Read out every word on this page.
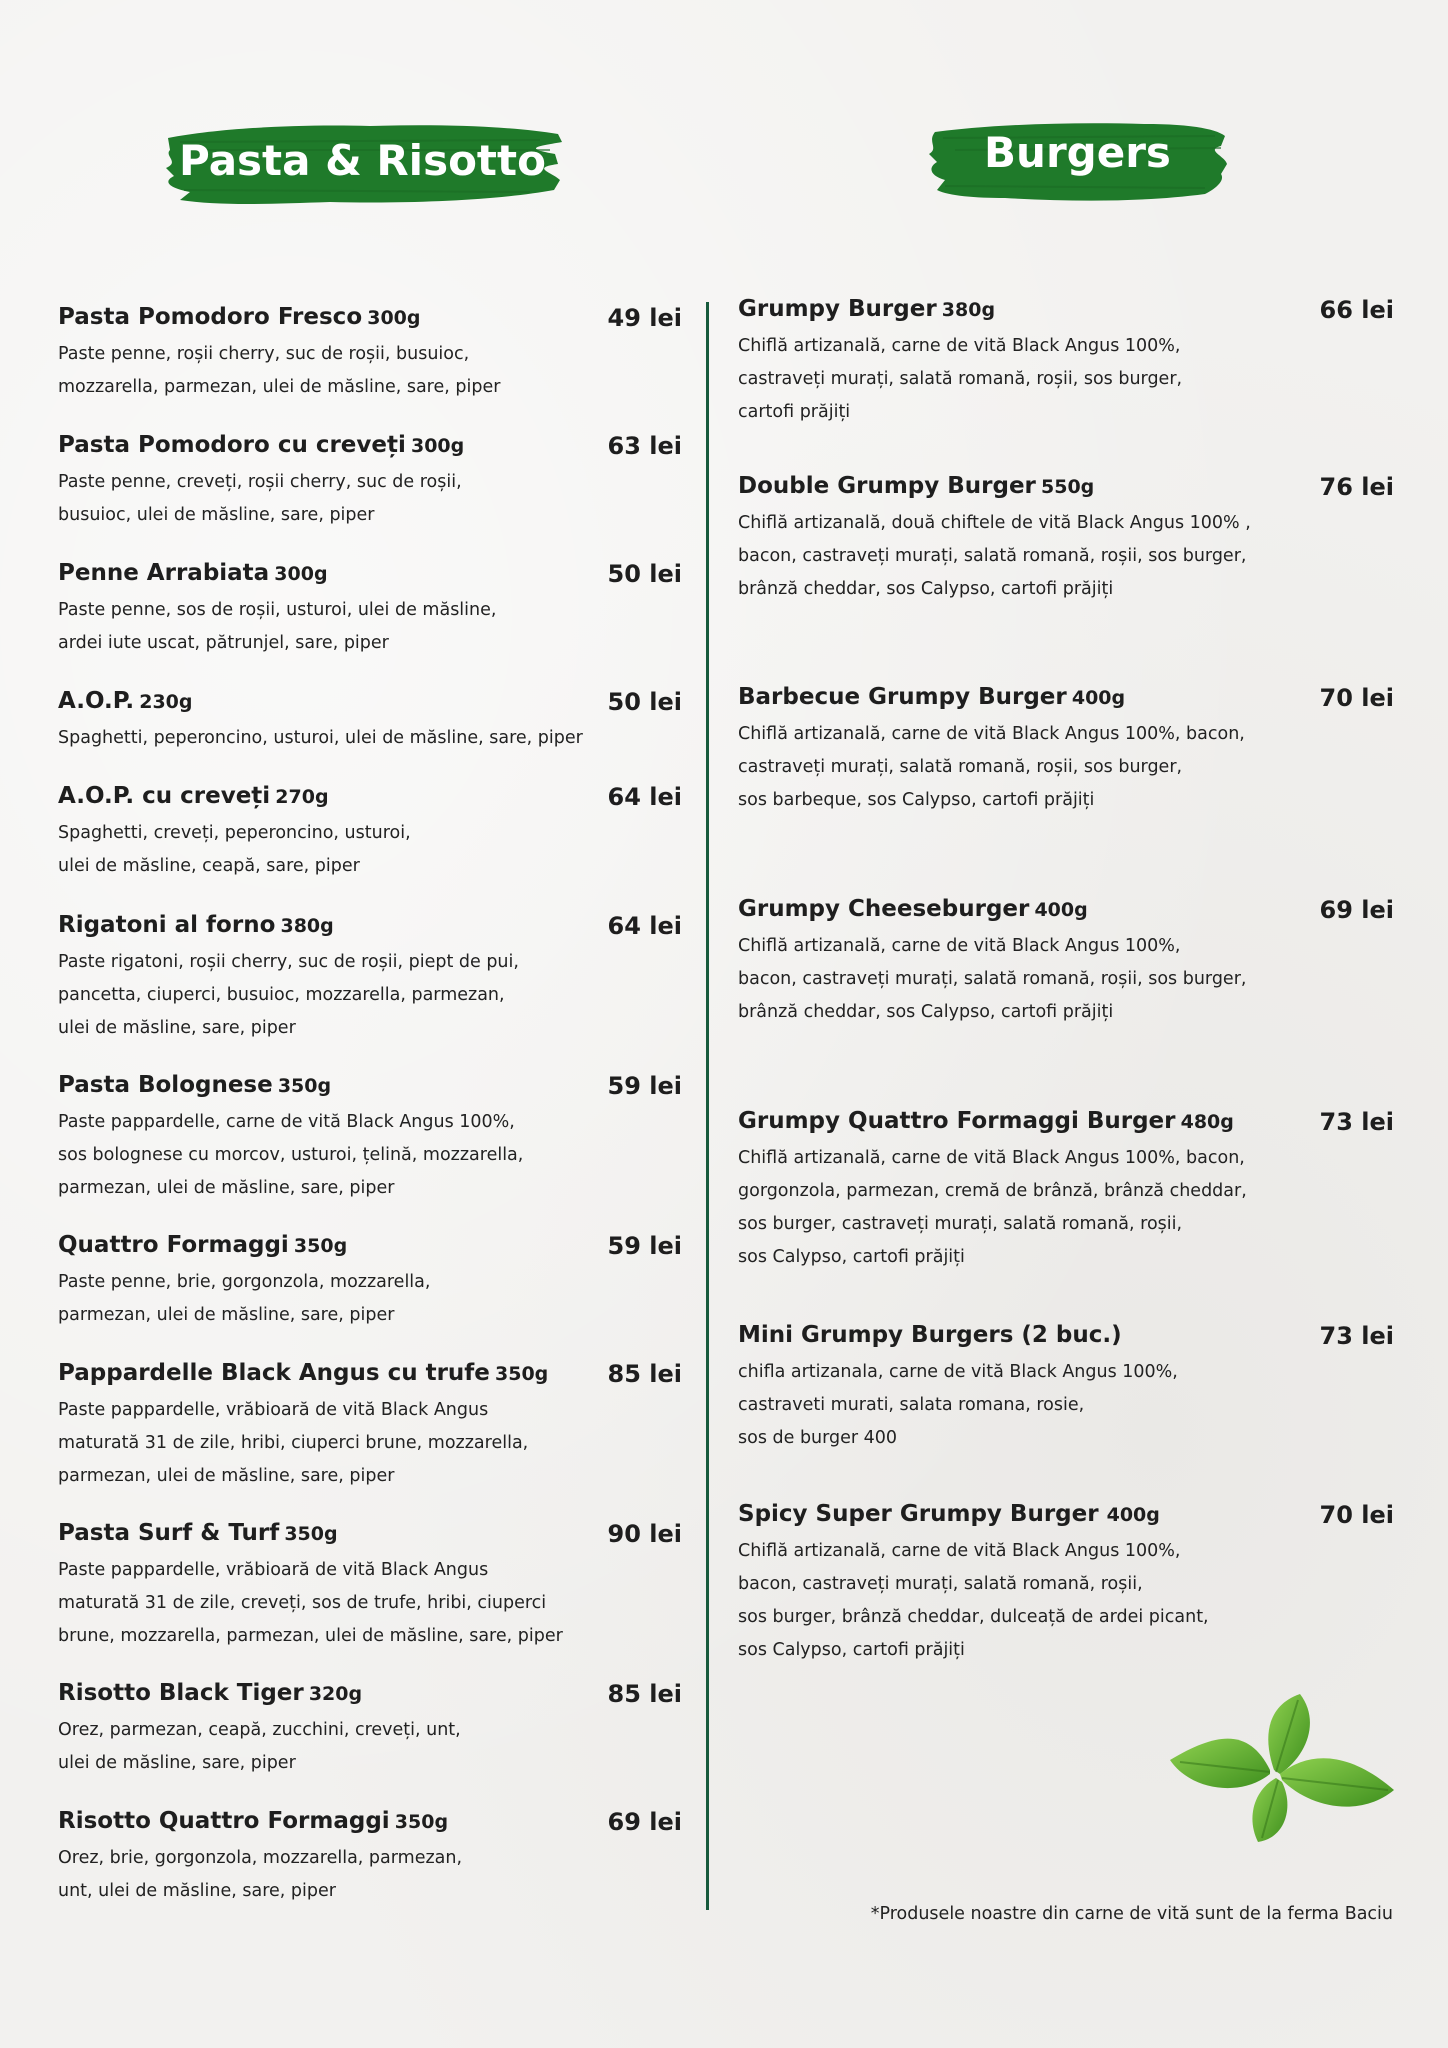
Pasta & Risotto	Burgers
Pasta Pomodoro Fresco 300g	49 lei
Paste penne, roșii cherry, suc de roșii, busuioc,
mozzarella, parmezan, ulei de măsline, sare, piper
Pasta Pomodoro cu creveți 300g	63 lei
Paste penne, creveți, roșii cherry, suc de roșii,
busuioc, ulei de măsline, sare, piper
Penne Arrabiata 300g	50 lei
Paste penne, sos de roșii, usturoi, ulei de măsline,
ardei iute uscat, pătrunjel, sare, piper
A.O.P. 230g	50 lei
Spaghetti, peperoncino, usturoi, ulei de măsline, sare, piper
A.O.P. cu creveți 270g	64 lei
Spaghetti, creveți, peperoncino, usturoi,
ulei de măsline, ceapă, sare, piper
Rigatoni al forno 380g	64 lei
Paste rigatoni, roșii cherry, suc de roșii, piept de pui,
pancetta, ciuperci, busuioc, mozzarella, parmezan,
ulei de măsline, sare, piper
Pasta Bolognese 350g	59 lei
Paste pappardelle, carne de vită Black Angus 100%,
sos bolognese cu morcov, usturoi, țelină, mozzarella,
parmezan, ulei de măsline, sare, piper
Quattro Formaggi 350g	59 lei
Paste penne, brie, gorgonzola, mozzarella,
parmezan, ulei de măsline, sare, piper
Pappardelle Black Angus cu trufe 350g 85 lei
Paste pappardelle, vrăbioară de vită Black Angus
maturată 31 de zile, hribi, ciuperci brune, mozzarella,
parmezan, ulei de măsline, sare, piper
Pasta Surf & Turf 350g	90 lei
Paste pappardelle, vrăbioară de vită Black Angus
maturată 31 de zile, creveți, sos de trufe, hribi, ciuperci
brune, mozzarella, parmezan, ulei de măsline, sare, piper
Risotto Black Tiger 320g	85 lei
Orez, parmezan, ceapă, zucchini, creveți, unt,
ulei de măsline, sare, piper
Risotto Quattro Formaggi 350g	69 lei
Orez, brie, gorgonzola, mozzarella, parmezan,
unt, ulei de măsline, sare, piper
Grumpy Burger 380g	66 lei
Chiflă artizanală, carne de vită Black Angus 100%,
castraveți murați, salată romană, roșii, sos burger,
cartofi prăjiți
Double Grumpy Burger 550g	76 lei
Chiflă artizanală, două chiftele de vită Black Angus 100% ,
bacon, castraveți murați, salată romană, roșii, sos burger,
brânză cheddar, sos Calypso, cartofi prăjiți
Barbecue Grumpy Burger 400g	70 lei
Chiflă artizanală, carne de vită Black Angus 100%, bacon,
castraveți murați, salată romană, roșii, sos burger,
sos barbeque, sos Calypso, cartofi prăjiți
Grumpy Cheeseburger 400g	69 lei
Chiflă artizanală, carne de vită Black Angus 100%,
bacon, castraveți murați, salată romană, roșii, sos burger,
brânză cheddar, sos Calypso, cartofi prăjiți
Grumpy Quattro Formaggi Burger 480g	73 lei
Chiflă artizanală, carne de vită Black Angus 100%, bacon,
gorgonzola, parmezan, cremă de brânză, brânză cheddar,
sos burger, castraveți murați, salată romană, roșii,
sos Calypso, cartofi prăjiți
Mini Grumpy Burgers (2 buc.)	73 lei
chifla artizanala, carne de vită Black Angus 100%,
castraveti murati, salata romana, rosie,
sos de burger 400
Spicy Super Grumpy Burger 400g	70 lei
Chiflă artizanală, carne de vită Black Angus 100%,
bacon, castraveți murați, salată romană, roșii,
sos burger, brânză cheddar, dulceață de ardei picant,
sos Calypso, cartofi prăjiți
*Produsele noastre din carne de vită sunt de la ferma Baciu
